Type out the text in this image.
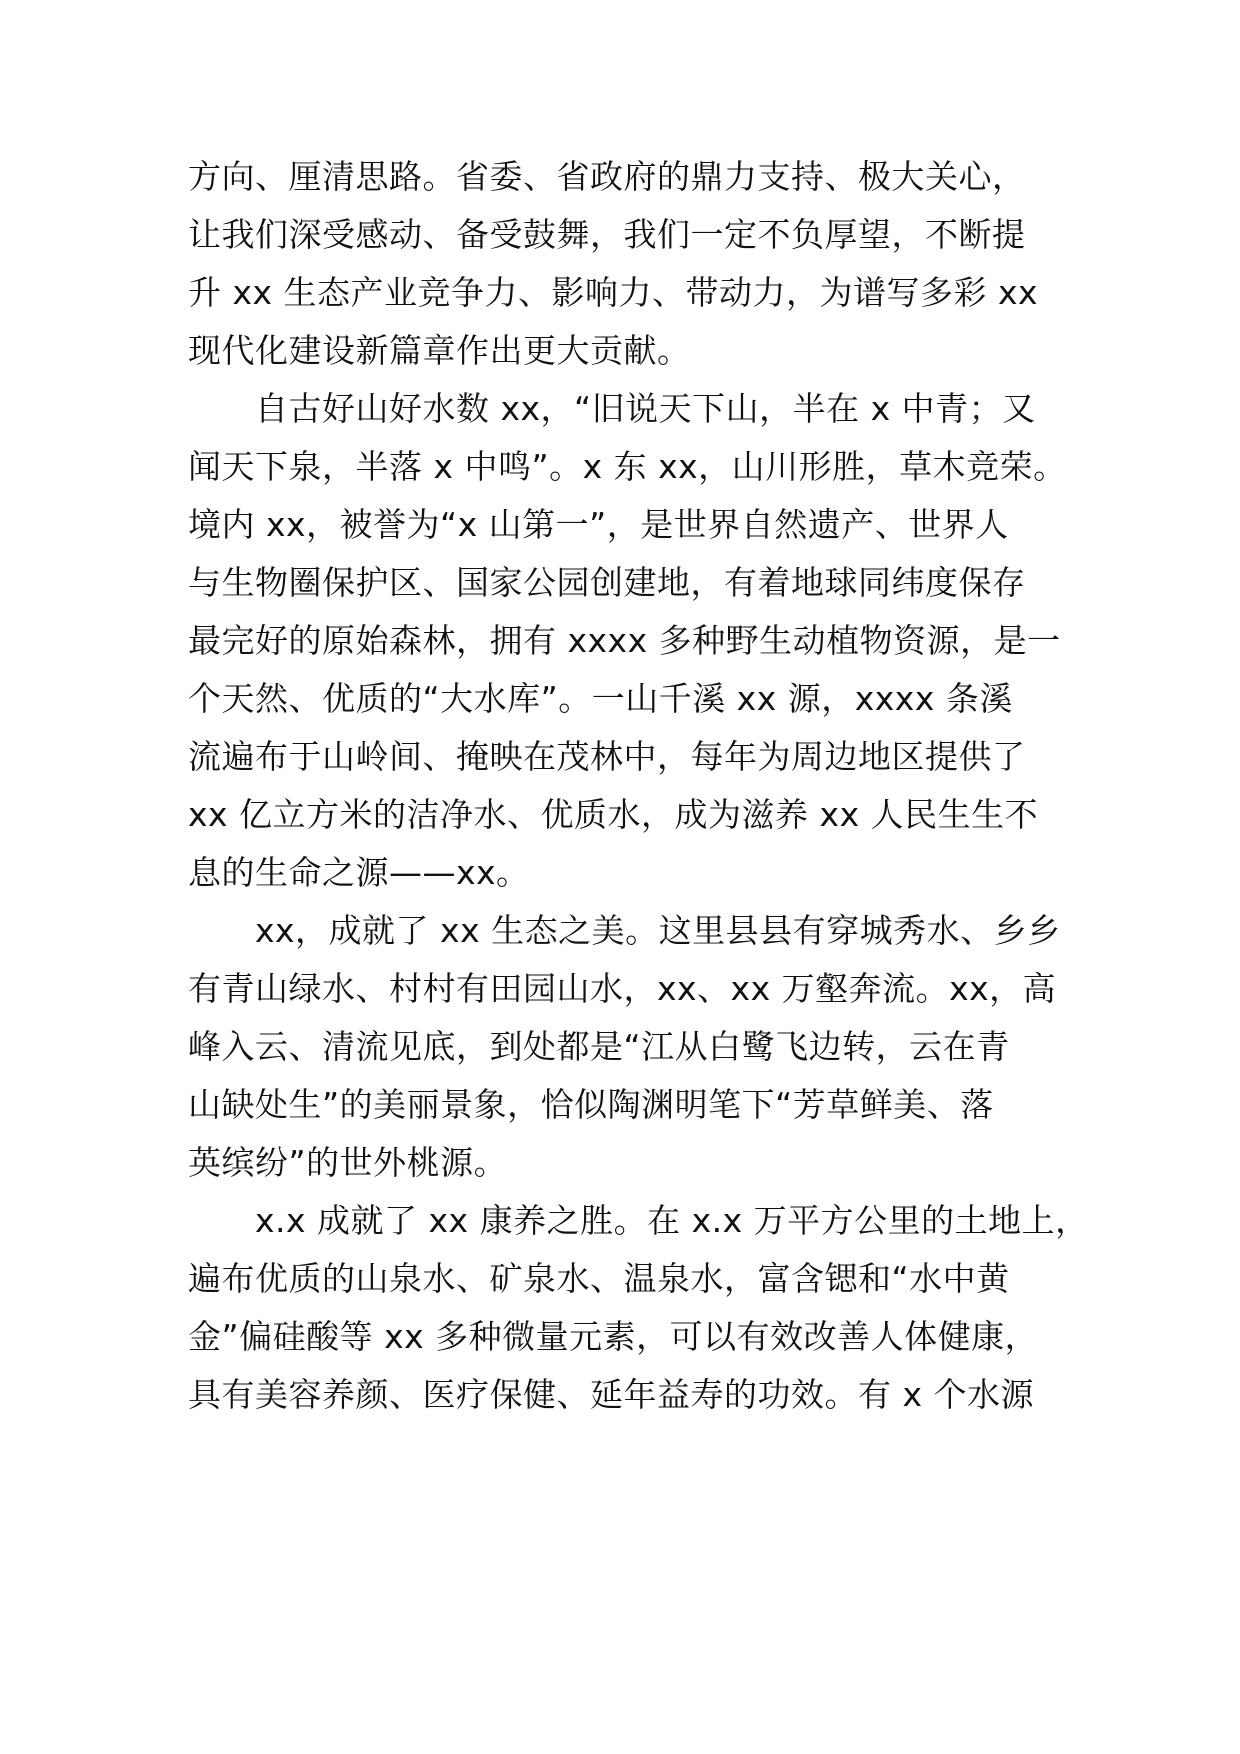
方向、厘清思路。省委、省政府的鼎力支持、极大关心，
让我们深受感动、备受鼓舞，我们一定不负厚望，不断提
升 xx 生态产业竞争力、影响力、带动力，为谱写多彩 xx
现代化建设新篇章作出更大贡献。
自古好山好水数 xx，“旧说天下山，半在 x 中青；又
闻天下泉，半落 x 中鸣”。x 东 xx，山川形胜，草木竞荣。
境内 xx，被誉为“x 山第一”，是世界自然遗产、世界人
与生物圈保护区、国家公园创建地，有着地球同纬度保存
最完好的原始森林，拥有 xxxx 多种野生动植物资源，是一
个天然、优质的“大水库”。一山千溪 xx 源，xxxx 条溪
流遍布于山岭间、掩映在茂林中，每年为周边地区提供了
xx 亿立方米的洁净水、优质水，成为滋养 xx 人民生生不
息的生命之源——xx。
xx，成就了 xx 生态之美。这里县县有穿城秀水、乡乡
有青山绿水、村村有田园山水，xx、xx 万壑奔流。xx，高
峰入云、清流见底，到处都是“江从白鹭飞边转，云在青
山缺处生”的美丽景象，恰似陶渊明笔下“芳草鲜美、落
英缤纷”的世外桃源。
x.x 成就了 xx 康养之胜。在 x.x 万平方公里的土地上，
遍布优质的山泉水、矿泉水、温泉水，富含锶和“水中黄
金”偏硅酸等 xx 多种微量元素，可以有效改善人体健康，
具有美容养颜、医疗保健、延年益寿的功效。有 x 个水源
